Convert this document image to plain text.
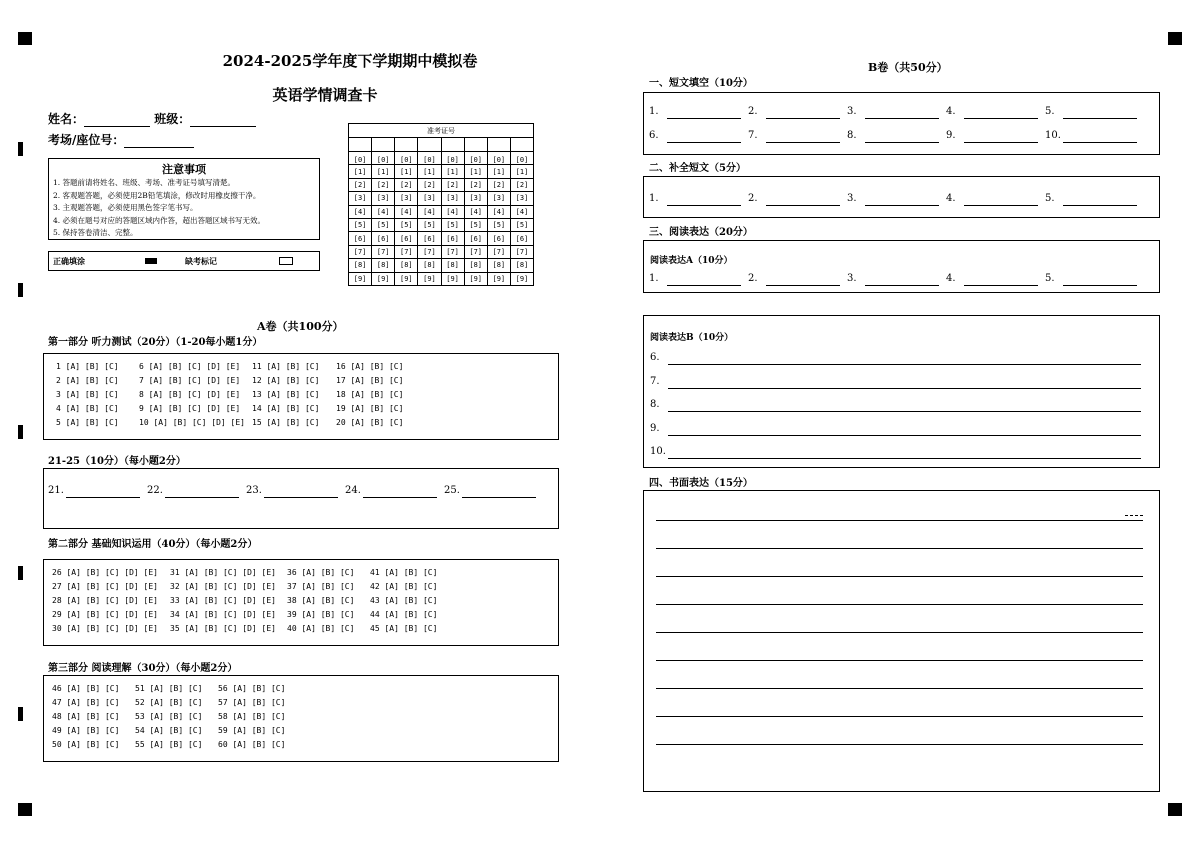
2024-2025学年度下学期期中模拟卷
英语学情调查卡
姓名：	班级：
考场/座位号：
注意事项
1. 答题前请将姓名、班级、考场、准考证号填写清楚。
2. 客观题答题，必须使用2B铅笔填涂，修改时用橡皮擦干净。
3. 主观题答题，必须使用黑色签字笔书写。
4. 必须在题号对应的答题区域内作答，超出答题区域书写无效。
5. 保持答卷清洁、完整。
正确填涂	缺考标记
准考证号							

[0]	[0]	[0]	[0]	[0]	[0]	[0]	[0]
[1]	[1]	[1]	[1]	[1]	[1]	[1]	[1]
[2]	[2]	[2]	[2]	[2]	[2]	[2]	[2]
[3]	[3]	[3]	[3]	[3]	[3]	[3]	[3]
[4]	[4]	[4]	[4]	[4]	[4]	[4]	[4]
[5]	[5]	[5]	[5]	[5]	[5]	[5]	[5]
[6]	[6]	[6]	[6]	[6]	[6]	[6]	[6]
[7]	[7]	[7]	[7]	[7]	[7]	[7]	[7]
[8]	[8]	[8]	[8]	[8]	[8]	[8]	[8]
[9]	[9]	[9]	[9]	[9]	[9]	[9]	[9]
A卷（共100分）
第一部分 听力测试（20分）（1-20每小题1分）
1 [A] [B] [C]	6 [A] [B] [C] [D] [E] 11 [A] [B] [C] 16 [A] [B] [C]
2 [A] [B] [C]	7 [A] [B] [C] [D] [E] 12 [A] [B] [C] 17 [A] [B] [C]
3 [A] [B] [C]	8 [A] [B] [C] [D] [E] 13 [A] [B] [C] 18 [A] [B] [C]
4 [A] [B] [C]	9 [A] [B] [C] [D] [E] 14 [A] [B] [C] 19 [A] [B] [C]
5 [A] [B] [C]	10 [A] [B] [C] [D] [E] 15 [A] [B] [C] 20 [A] [B] [C]
21-25（10分）（每小题2分）
21.	22.	23.	24.	25.
第二部分 基础知识运用（40分）（每小题2分）
26 [A] [B] [C] [D] [E] 31 [A] [B] [C] [D] [E] 36 [A] [B] [C] 41 [A] [B] [C]
27 [A] [B] [C] [D] [E] 32 [A] [B] [C] [D] [E] 37 [A] [B] [C] 42 [A] [B] [C]
28 [A] [B] [C] [D] [E] 33 [A] [B] [C] [D] [E] 38 [A] [B] [C] 43 [A] [B] [C]
29 [A] [B] [C] [D] [E] 34 [A] [B] [C] [D] [E] 39 [A] [B] [C] 44 [A] [B] [C]
30 [A] [B] [C] [D] [E] 35 [A] [B] [C] [D] [E] 40 [A] [B] [C] 45 [A] [B] [C]
第三部分 阅读理解（30分）（每小题2分）
46 [A] [B] [C] 51 [A] [B] [C] 56 [A] [B] [C]
47 [A] [B] [C] 52 [A] [B] [C] 57 [A] [B] [C]
48 [A] [B] [C] 53 [A] [B] [C] 58 [A] [B] [C]
49 [A] [B] [C] 54 [A] [B] [C] 59 [A] [B] [C]
50 [A] [B] [C] 55 [A] [B] [C] 60 [A] [B] [C]
B卷（共50分）
一、短文填空（10分）
1.	2.	3.	4.	5.
6.	7.	8.	9.	10.
二、补全短文（5分）
1.	2.	3.	4.	5.
三、阅读表达（20分）
阅读表达A（10分）
1.	2.	3.	4.	5.
阅读表达B（10分）
6.
7.
8.
9.
10.
四、书面表达（15分）
